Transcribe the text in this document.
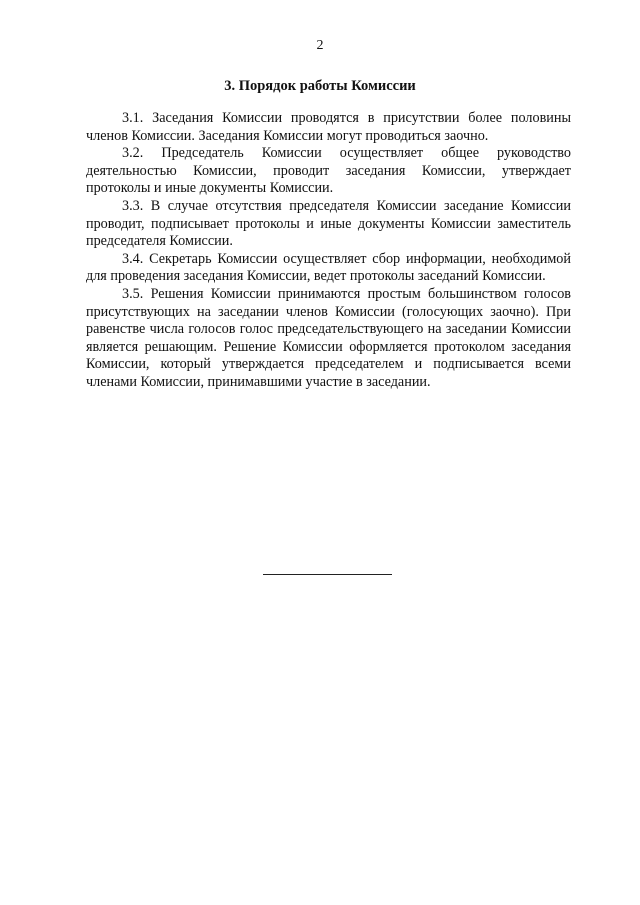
2
3. Порядок работы Комиссии

3.1. Заседания Комиссии проводятся в присутствии более половины членов Комиссии. Заседания Комиссии могут проводиться заочно.

3.2. Председатель Комиссии осуществляет общее руководство деятельностью Комиссии, проводит заседания Комиссии, утверждает протоколы и иные документы Комиссии.

3.3. В случае отсутствия председателя Комиссии заседание Комиссии проводит, подписывает протоколы и иные документы Комиссии заместитель председателя Комиссии.

3.4. Секретарь Комиссии осуществляет сбор информации, необходимой для проведения заседания Комиссии, ведет протоколы заседаний Комиссии.

3.5. Решения Комиссии принимаются простым большинством голосов присутствующих на заседании членов Комиссии (голосующих заочно). При равенстве числа голосов голос председательствующего на заседании Комиссии является решающим. Решение Комиссии оформляется протоколом заседания Комиссии, который утверждается председателем и подписывается всеми членами Комиссии, принимавшими участие в заседании.
